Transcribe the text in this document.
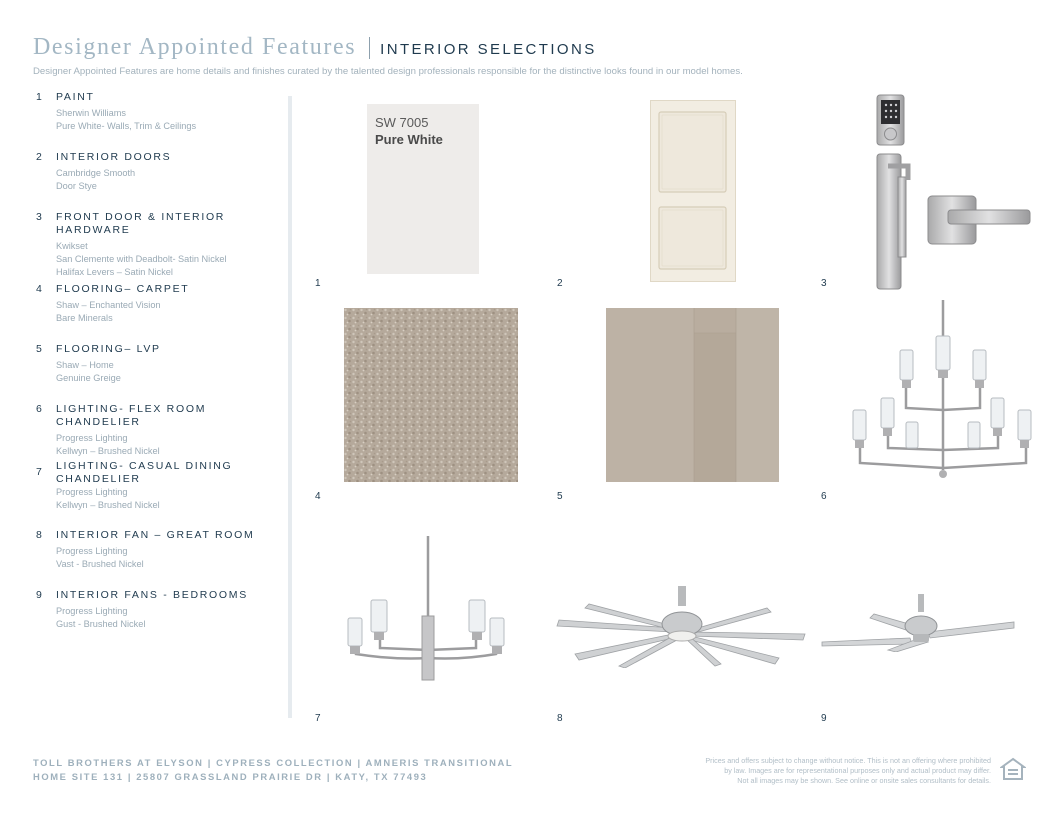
Designer Appointed Features INTERIOR SELECTIONS
Designer Appointed Features are home details and finishes curated by the talented design professionals responsible for the distinctive looks found in our model homes.
1 PAINT
Sherwin Williams
Pure White- Walls, Trim & Ceilings
2 INTERIOR DOORS
Cambridge Smooth
Door Stye
3 FRONT DOOR & INTERIOR HARDWARE
Kwikset
San Clemente with Deadbolt- Satin Nickel
Halifax Levers – Satin Nickel
4 FLOORING– CARPET
Shaw – Enchanted Vision
Bare Minerals
5 FLOORING– LVP
Shaw – Home
Genuine Greige
6 LIGHTING- FLEX ROOM CHANDELIER
Progress Lighting
Kellwyn – Brushed Nickel
7 LIGHTING- CASUAL DINING CHANDELIER
Progress Lighting
Kellwyn – Brushed Nickel
8 INTERIOR FAN – GREAT ROOM
Progress Lighting
Vast - Brushed Nickel
9 INTERIOR FANS - BEDROOMS
Progress Lighting
Gust - Brushed Nickel
SW 7005
Pure White
1	2	3
4	5	6
7	8	9
TOLL BROTHERS AT ELYSON | CYPRESS COLLECTION | AMNERIS TRANSITIONAL
HOME SITE 131 | 25807 GRASSLAND PRAIRIE DR | KATY, TX 77493
Prices and offers subject to change without notice. This is not an offering where prohibited
by law. Images are for representational purposes only and actual product may differ.
Not all images may be shown. See online or onsite sales consultants for details.
